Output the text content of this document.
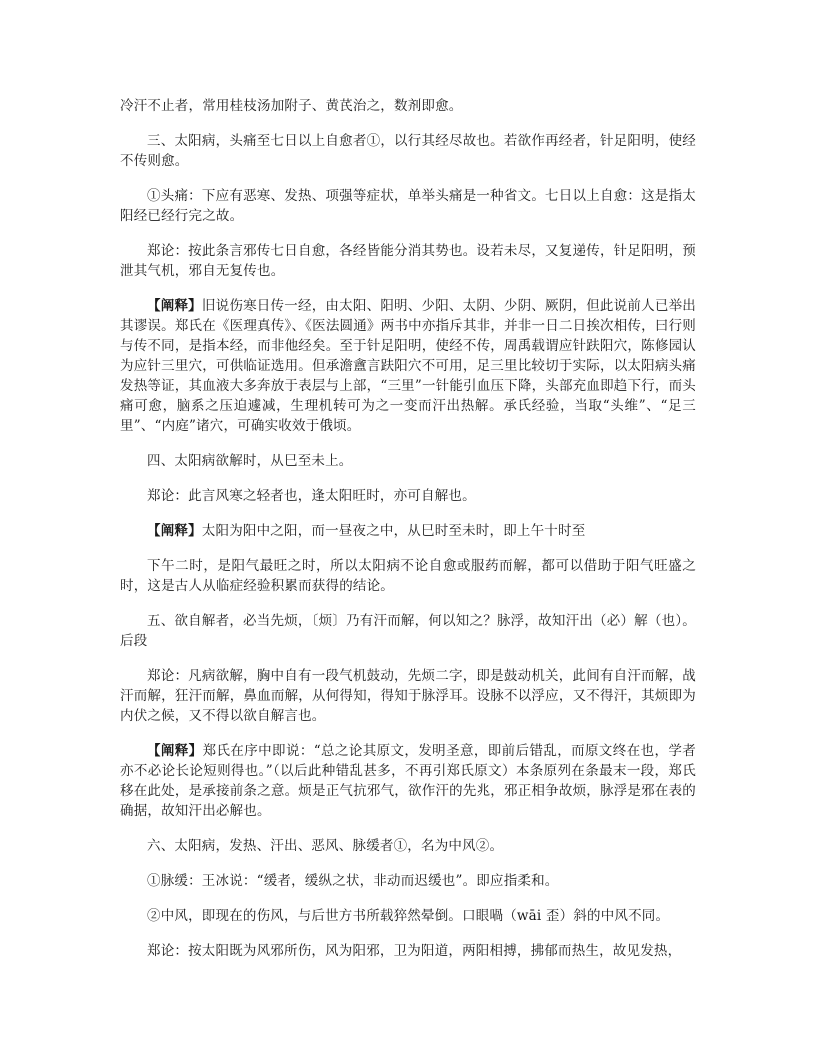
冷汗不止者，常用桂枝汤加附子、黄芪治之，数剂即愈。

三、太阳病，头痛至七日以上自愈者①，以行其经尽故也。若欲作再经者，针足阳明，使经不传则愈。

①头痛：下应有恶寒、发热、项强等症状，单举头痛是一种省文。七日以上自愈：这是指太阳经已经行完之故。

郑论：按此条言邪传七日自愈，各经皆能分消其势也。设若未尽，又复递传，针足阳明，预泄其气机，邪自无复传也。

【阐释】旧说伤寒日传一经，由太阳、阳明、少阳、太阴、少阴、厥阴，但此说前人已举出其谬误。郑氏在《医理真传》、《医法圆通》两书中亦指斥其非，并非一日二日挨次相传，曰行则与传不同，是指本经，而非他经矣。至于针足阳明，使经不传，周禹载谓应针趺阳穴，陈修园认为应针三里穴，可供临证选用。但承澹盦言趺阳穴不可用，足三里比较切于实际，以太阳病头痛发热等证，其血液大多奔放于表层与上部，“三里”一针能引血压下降，头部充血即趋下行，而头痛可愈，脑系之压迫遽减，生理机转可为之一变而汗出热解。承氏经验，当取“头维”、“足三里”、“内庭”诸穴，可确实收效于俄顷。

四、太阳病欲解时，从巳至未上。

郑论：此言风寒之轻者也，逢太阳旺时，亦可自解也。

【阐释】太阳为阳中之阳，而一昼夜之中，从巳时至未时，即上午十时至

下午二时，是阳气最旺之时，所以太阳病不论自愈或服药而解，都可以借助于阳气旺盛之时，这是古人从临症经验积累而获得的结论。

五、欲自解者，必当先烦，〔烦〕乃有汗而解，何以知之？脉浮，故知汗出（必）解（也）。后段

郑论：凡病欲解，胸中自有一段气机鼓动，先烦二字，即是鼓动机关，此间有自汗而解，战汗而解，狂汗而解，鼻血而解，从何得知，得知于脉浮耳。设脉不以浮应，又不得汗，其烦即为内伏之候，又不得以欲自解言也。

【阐释】郑氏在序中即说：“总之论其原文，发明圣意，即前后错乱，而原文终在也，学者亦不必论长论短则得也。”（以后此种错乱甚多，不再引郑氏原文）本条原列在条最末一段，郑氏移在此处，是承接前条之意。烦是正气抗邪气，欲作汗的先兆，邪正相争故烦，脉浮是邪在表的确据，故知汗出必解也。

六、太阳病，发热、汗出、恶风、脉缓者①，名为中风②。

①脉缓：王冰说：“缓者，缓纵之状，非动而迟缓也”。即应指柔和。

②中风，即现在的伤风，与后世方书所载猝然晕倒。口眼喎（wāi 歪）斜的中风不同。

郑论：按太阳既为风邪所伤，风为阳邪，卫为阳道，两阳相搏，拂郁而热生，故见发热，
